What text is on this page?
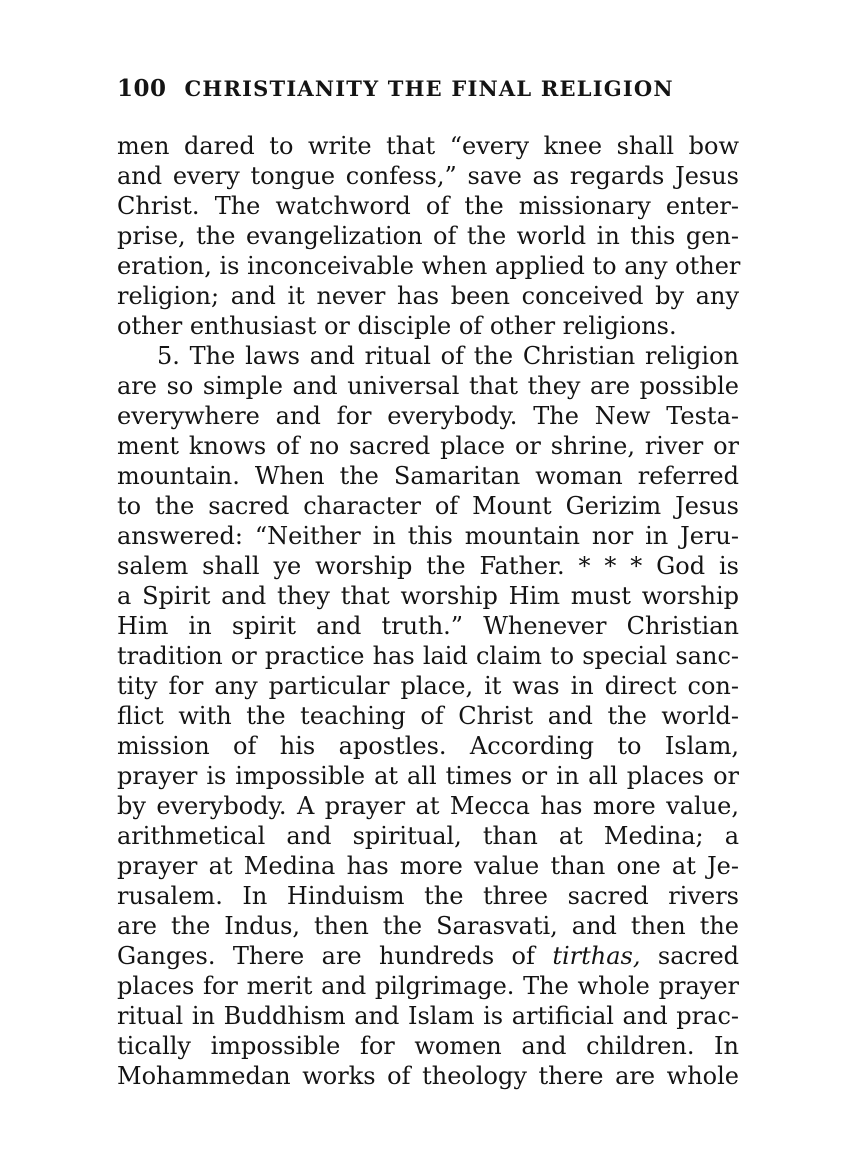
100 CHRISTIANITY THE FINAL RELIGION
men dared to write that “every knee shall bow
and every tongue confess,” save as regards Jesus
Christ. The watchword of the missionary enter-
prise, the evangelization of the world in this gen-
eration, is inconceivable when applied to any other
religion; and it never has been conceived by any
other enthusiast or disciple of other religions.
5. The laws and ritual of the Christian religion
are so simple and universal that they are possible
everywhere and for everybody. The New Testa-
ment knows of no sacred place or shrine, river or
mountain. When the Samaritan woman referred
to the sacred character of Mount Gerizim Jesus
answered: “Neither in this mountain nor in Jeru-
salem shall ye worship the Father. * * * God is
a Spirit and they that worship Him must worship
Him in spirit and truth.” Whenever Christian
tradition or practice has laid claim to special sanc-
tity for any particular place, it was in direct con-
flict with the teaching of Christ and the world-
mission of his apostles. According to Islam,
prayer is impossible at all times or in all places or
by everybody. A prayer at Mecca has more value,
arithmetical and spiritual, than at Medina; a
prayer at Medina has more value than one at Je-
rusalem. In Hinduism the three sacred rivers
are the Indus, then the Sarasvati, and then the
Ganges. There are hundreds of tirthas, sacred
places for merit and pilgrimage. The whole prayer
ritual in Buddhism and Islam is artificial and prac-
tically impossible for women and children. In
Mohammedan works of theology there are whole
